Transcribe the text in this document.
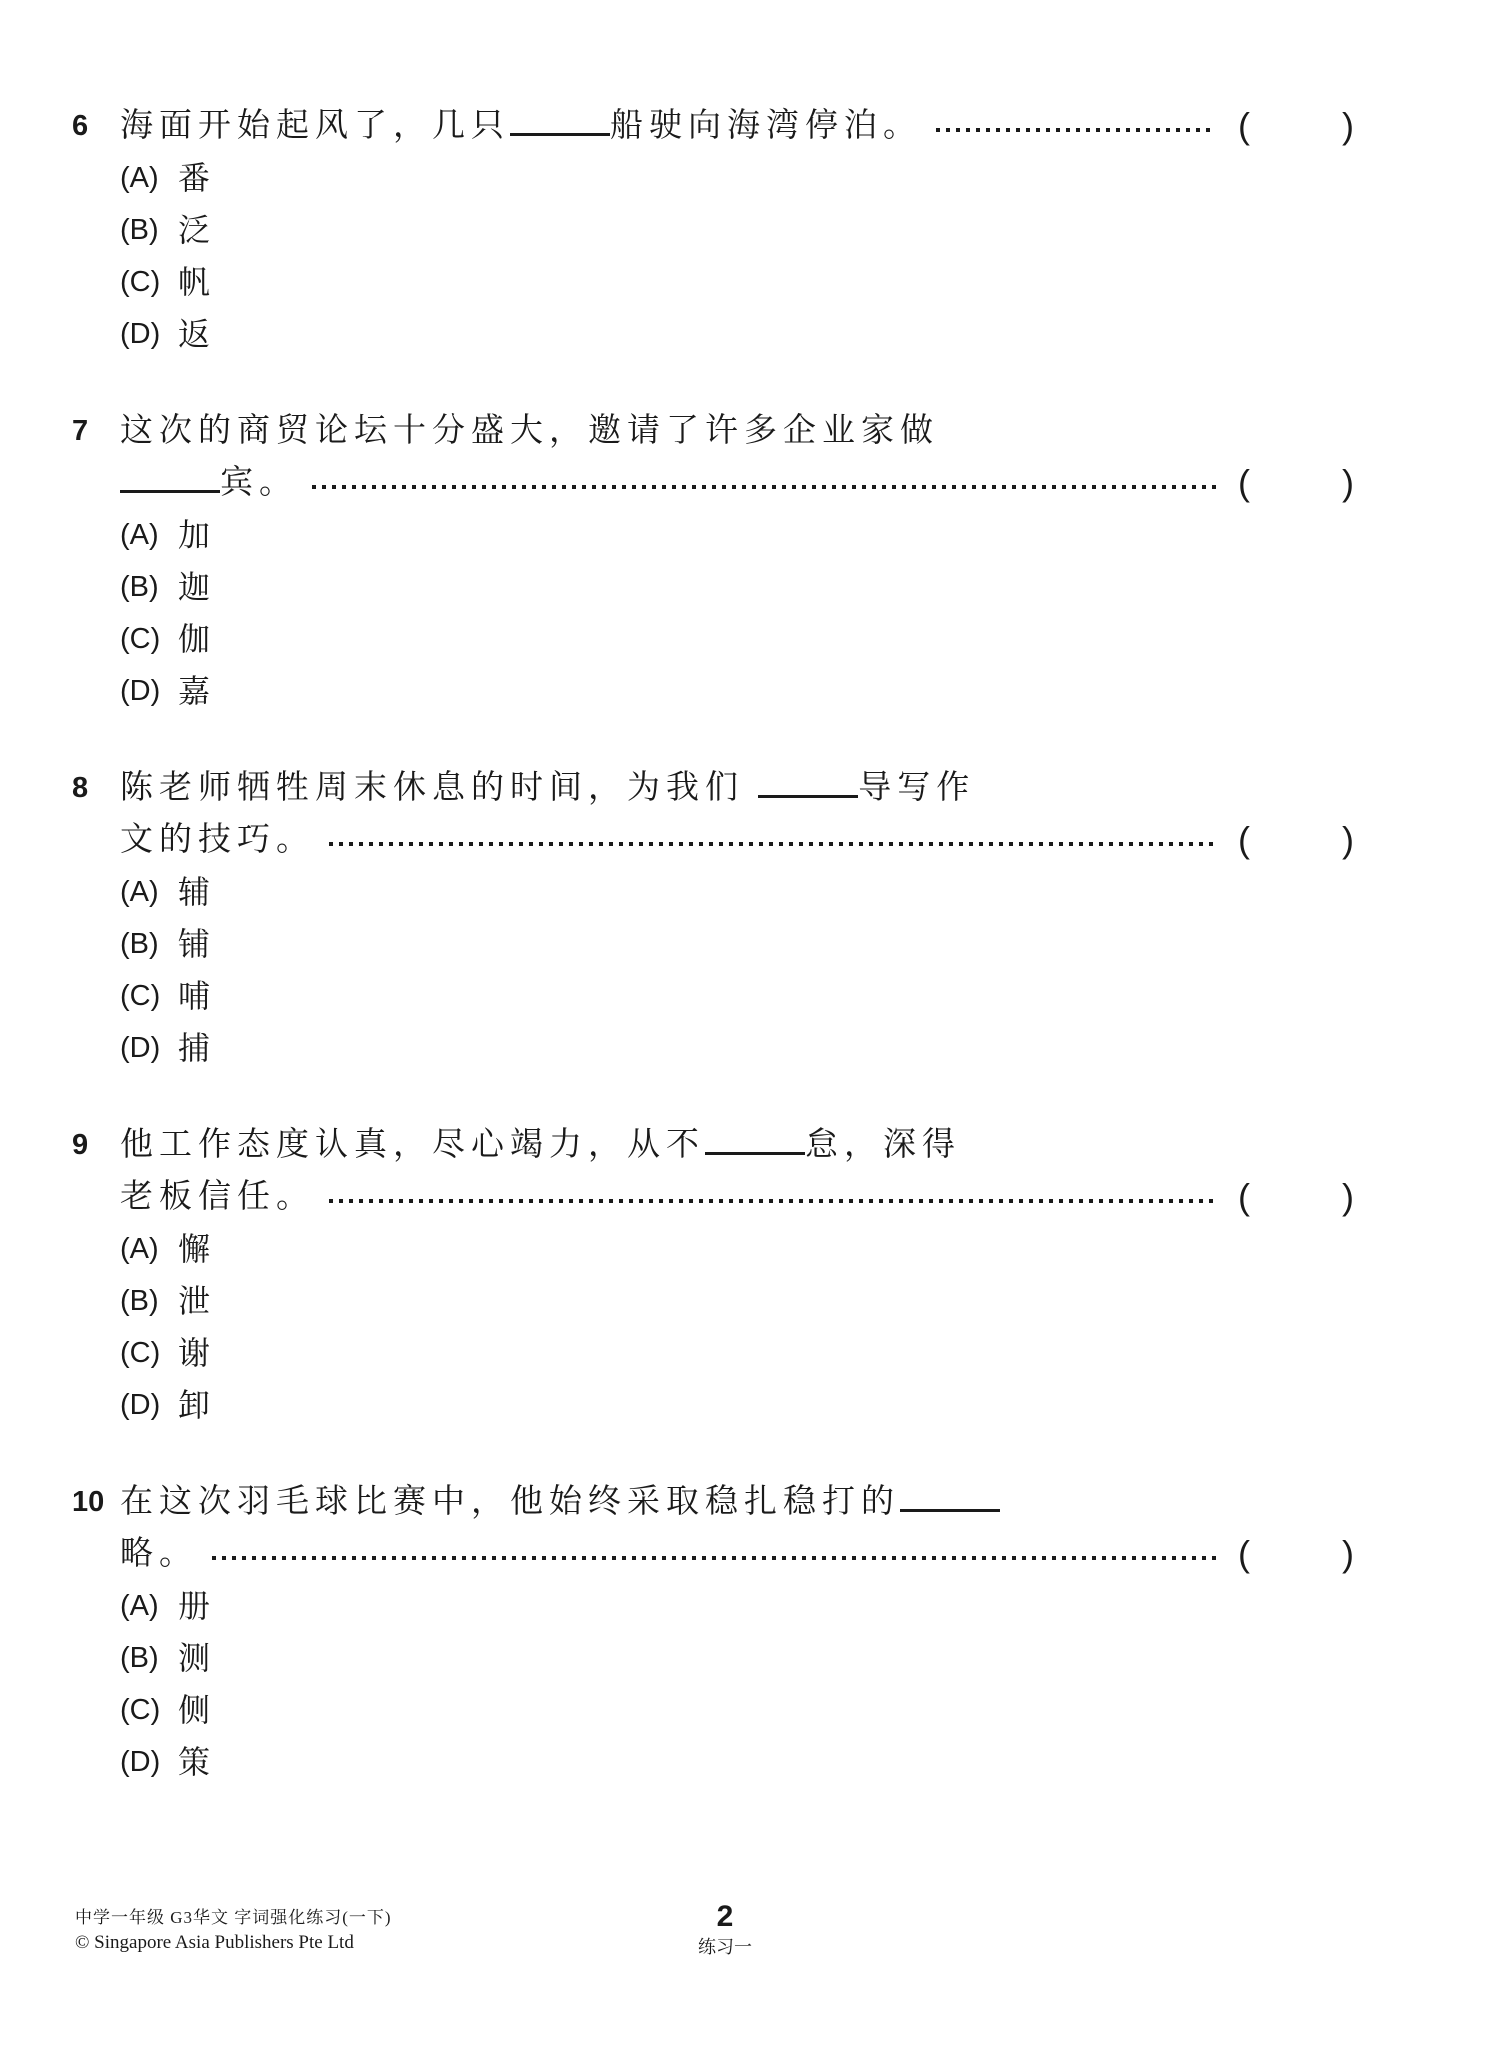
6 海面开始起风了，几只	船驶向海湾停泊。	(	)
(A) 番
(B) 泛
(C) 帆
(D) 返
7 这次的商贸论坛十分盛大，邀请了许多企业家做
宾。	(	)
(A) 加
(B) 迦
(C) 伽
(D) 嘉
8 陈老师牺牲周末休息的时间，为我们	导写作
文的技巧。	(	)
(A) 辅
(B) 铺
(C) 哺
(D) 捕
9 他工作态度认真，尽心竭力，从不	怠，深得
老板信任。	(	)
(A) 懈
(B) 泄
(C) 谢
(D) 卸
10 在这次羽毛球比赛中，他始终采取稳扎稳打的
略。	(	)
(A) 册
(B) 测
(C) 侧
(D) 策
中学一年级 G3华文 字词强化练习(一下)
© Singapore Asia Publishers Pte Ltd
2
练习一
